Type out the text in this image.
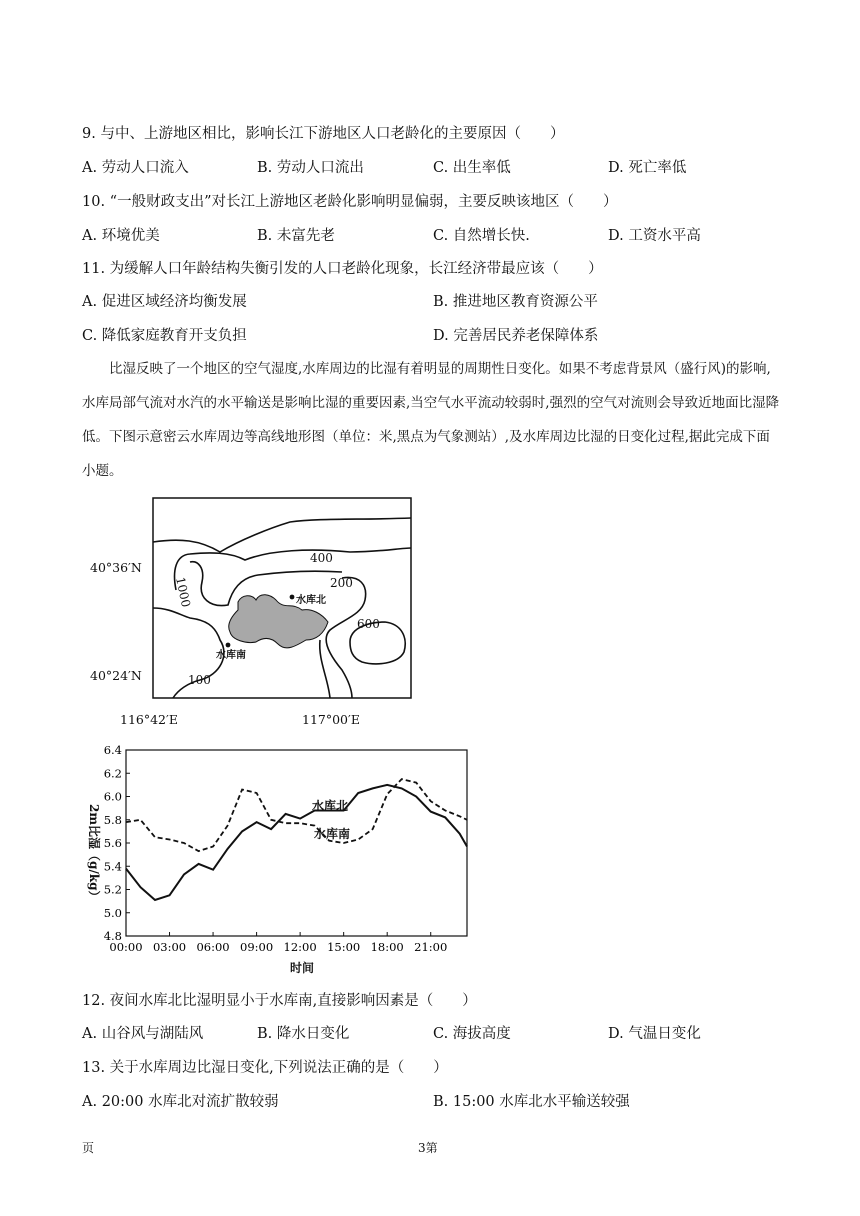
9. 与中、上游地区相比，影响长江下游地区人口老龄化的主要原因（　　）
A. 劳动人口流入	B. 劳动人口流出	C. 出生率低	D. 死亡率低
10. “一般财政支出”对长江上游地区老龄化影响明显偏弱，主要反映该地区（　　）
A. 环境优美	B. 未富先老	C. 自然增长快.	D. 工资水平高
11. 为缓解人口年龄结构失衡引发的人口老龄化现象，长江经济带最应该（　　）
A. 促进区域经济均衡发展	B. 推进地区教育资源公平
C. 降低家庭教育开支负担	D. 完善居民养老保障体系
比湿反映了一个地区的空气湿度,水库周边的比湿有着明显的周期性日变化。如果不考虑背景风（盛行风)的影响,水库局部气流对水汽的水平输送是影响比湿的重要因素,当空气水平流动较弱时,强烈的空气对流则会导致近地面比湿降低。下图示意密云水库周边等高线地形图（单位：米,黑点为气象测站）,及水库周边比湿的日变化过程,据此完成下面小题。
40°36′N
40°24′N
116°42′E	117°00′E
400
200
1000
600
100
水库北
水库南
6.4
6.2
6.0
5.8
5.6
5.4
5.2
5.0
4.8
00:00 03:00 06:00 09:00 12:00 15:00 18:00 21:00
水库北
水库南
时间
2m比湿（g/kg）
12. 夜间水库北比湿明显小于水库南,直接影响因素是（　　）
A. 山谷风与湖陆风	B. 降水日变化	C. 海拔高度	D. 气温日变化
13. 关于水库周边比湿日变化,下列说法正确的是（　　）
A. 20:00 水库北对流扩散较弱	B. 15:00 水库北水平输送较强
页	3第
